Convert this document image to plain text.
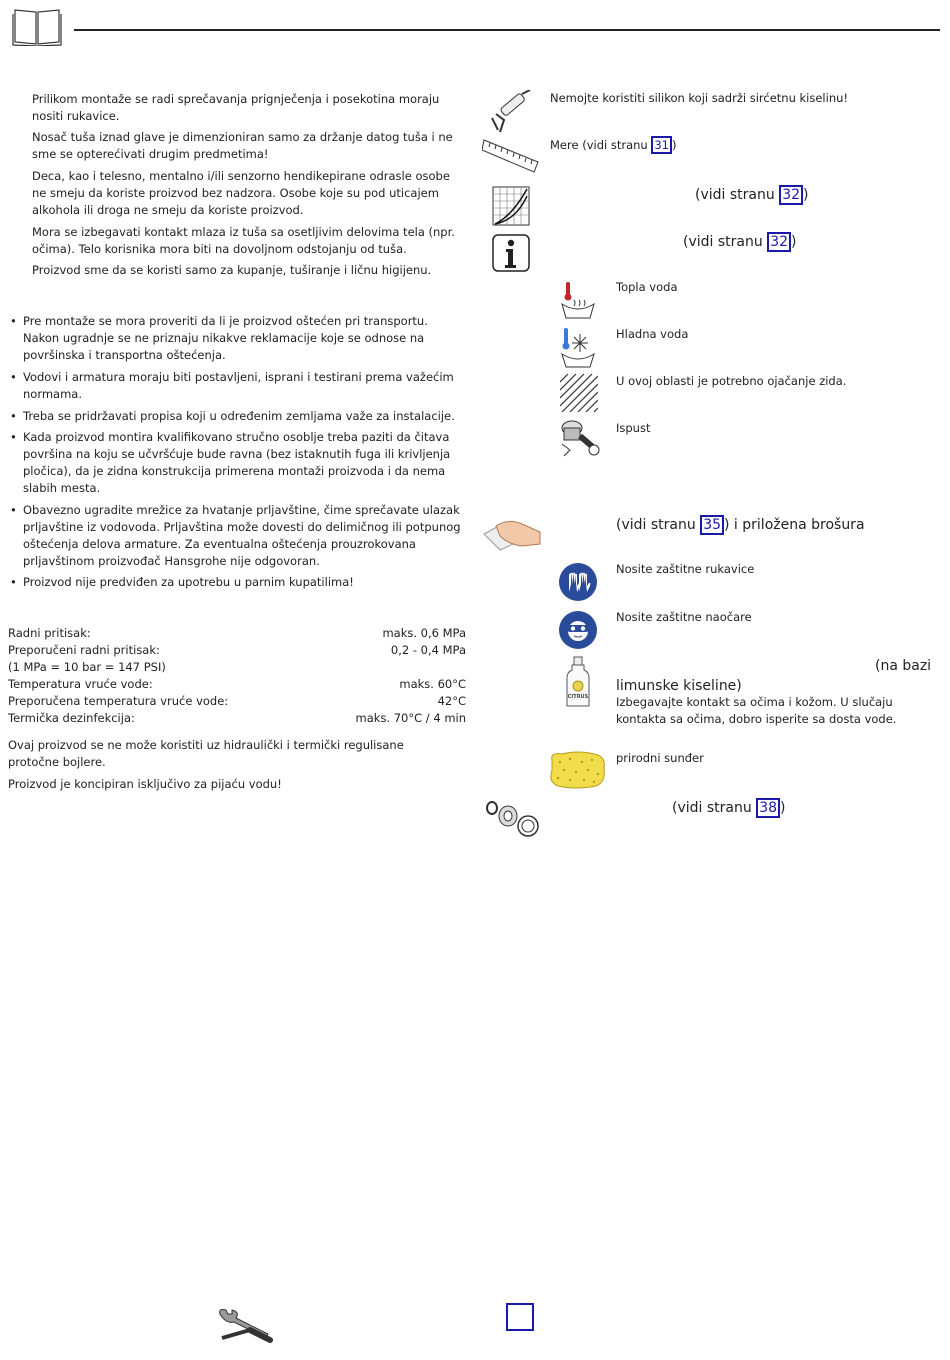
Prilikom montaže se radi sprečavanja prignječenja i posekotina moraju nositi rukavice.
Nosač tuša iznad glave je dimenzioniran samo za držanje datog tuša i ne sme se opterećivati drugim predmetima!
Deca, kao i telesno, mentalno i/ili senzorno hendikepirane odrasle osobe ne smeju da koriste proizvod bez nadzora. Osobe koje su pod uticajem alkohola ili droga ne smeju da koriste proizvod.
Mora se izbegavati kontakt mlaza iz tuša sa osetljivim delovima tela (npr. očima). Telo korisnika mora biti na dovoljnom odstojanju od tuša.
Proizvod sme da se koristi samo za kupanje, tuširanje i ličnu higijenu.
• Pre montaže se mora proveriti da li je proizvod oštećen pri transportu. Nakon ugradnje se ne priznaju nikakve reklamacije koje se odnose na površinska i transportna oštećenja.
• Vodovi i armatura moraju biti postavljeni, isprani i testirani prema važećim normama.
• Treba se pridržavati propisa koji u određenim zemljama važe za instalacije.
• Kada proizvod montira kvalifikovano stručno osoblje treba paziti da čitava površina na koju se učvršćuje bude ravna (bez istaknutih fuga ili krivljenja pločica), da je zidna konstrukcija primerena montaži proizvoda i da nema slabih mesta.
• Obavezno ugradite mrežice za hvatanje prljavštine, čime sprečavate ulazak prljavštine iz vodovoda. Prljavština može dovesti do delimičnog ili potpunog oštećenja delova armature. Za eventualna oštećenja prouzrokovana prljavštinom proizvođač Hansgrohe nije odgovoran.
• Proizvod nije predviđen za upotrebu u parnim kupatilima!
Radni pritisak:	maks. 0,6 MPa
Preporučeni radni pritisak:	0,2 - 0,4 MPa
(1 MPa = 10 bar = 147 PSI)
Temperatura vruće vode:	maks. 60°C
Preporučena temperatura vruće vode:	42°C
Termička dezinfekcija:	maks. 70°C / 4 min
Ovaj proizvod se ne može koristiti uz hidraulički i termički regulisane protočne bojlere.
Proizvod je koncipiran isključivo za pijaću vodu!
Nemojte koristiti silikon koji sadrži sirćetnu kiselinu!
Mere (vidi stranu 31 )
(vidi stranu 32 )
(vidi stranu 32 )
Topla voda
Hladna voda
U ovoj oblasti je potrebno ojačanje zida.
Ispust
(vidi stranu 35 ) i priložena brošura
Nosite zaštitne rukavice
Nosite zaštitne naočare
CITRUS
(na bazi
limunske kiseline)
Izbegavajte kontakt sa očima i kožom. U slučaju kontakta sa očima, dobro isperite sa dosta vode.
prirodni sunđer
(vidi stranu 38 )
